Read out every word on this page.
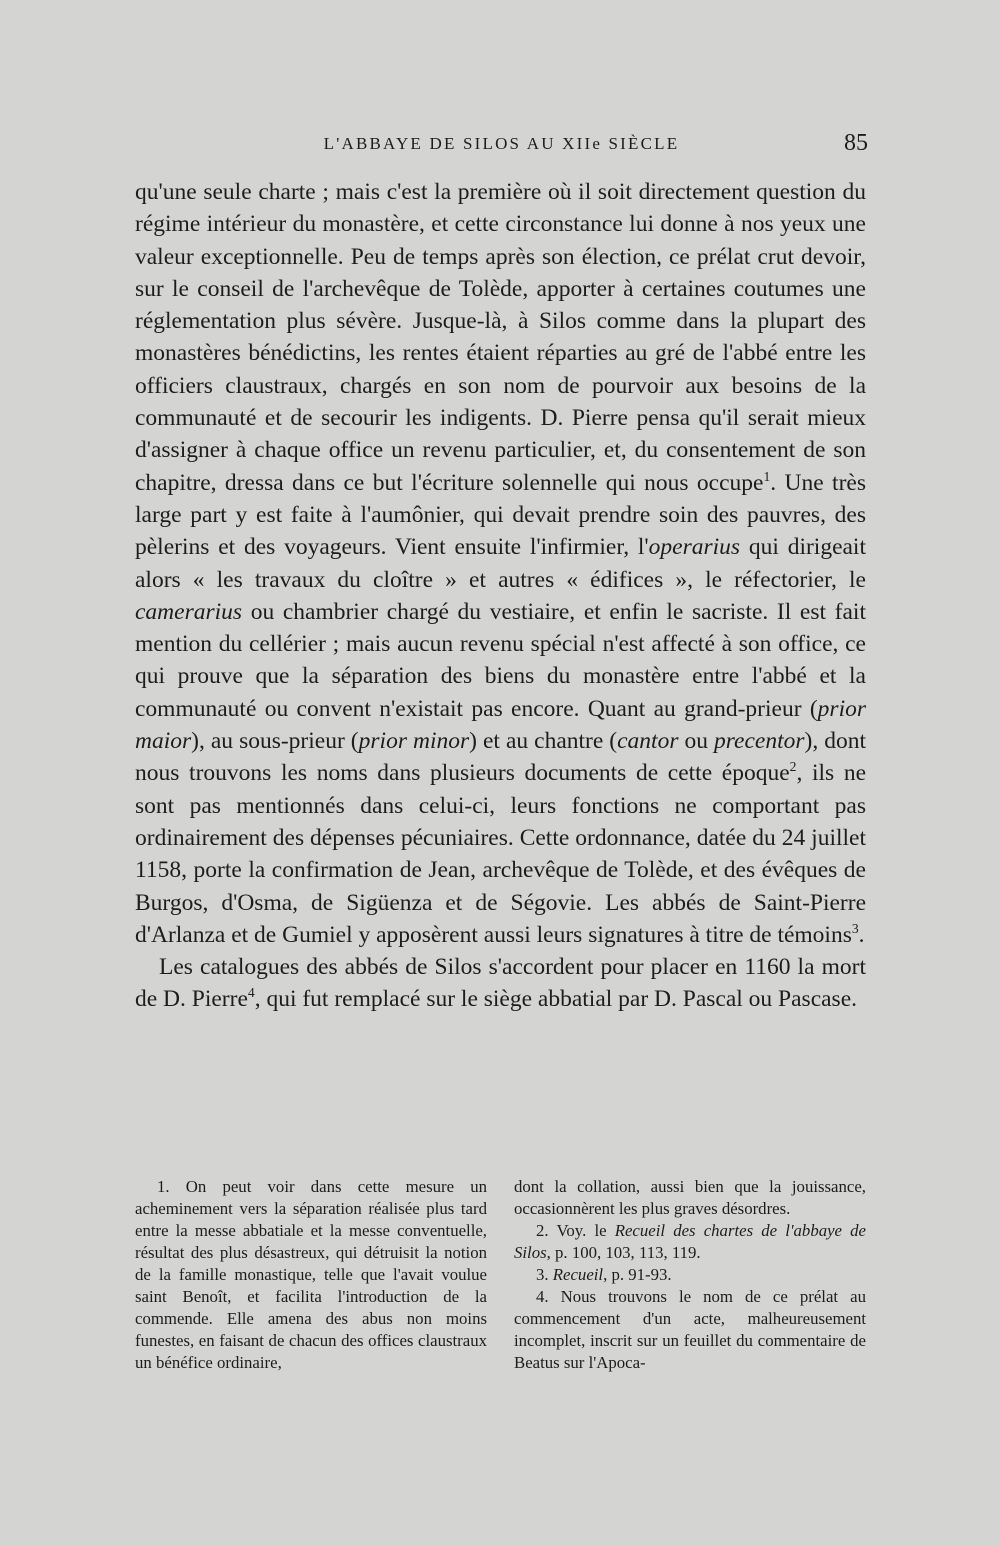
L'ABBAYE DE SILOS AU XIIe SIÈCLE	85

qu'une seule charte ; mais c'est la première où il soit directement question du régime intérieur du monastère, et cette circonstance lui donne à nos yeux une valeur exceptionnelle. Peu de temps après son élection, ce prélat crut devoir, sur le conseil de l'archevêque de Tolède, apporter à certaines coutumes une réglementation plus sévère. Jusque-là, à Silos comme dans la plupart des monastères bénédictins, les rentes étaient réparties au gré de l'abbé entre les officiers claustraux, chargés en son nom de pourvoir aux besoins de la communauté et de secourir les indigents. D. Pierre pensa qu'il serait mieux d'assigner à chaque office un revenu particulier, et, du consentement de son chapitre, dressa dans ce but l'écriture solennelle qui nous occupe$^1$. Une très large part y est faite à l'aumônier, qui devait prendre soin des pauvres, des pèlerins et des voyageurs. Vient ensuite l'infirmier, l'operarius qui dirigeait alors « les travaux du cloître » et autres « édifices », le réfectorier, le camerarius ou chambrier chargé du vestiaire, et enfin le sacriste. Il est fait mention du cellérier ; mais aucun revenu spécial n'est affecté à son office, ce qui prouve que la séparation des biens du monastère entre l'abbé et la communauté ou convent n'existait pas encore. Quant au grand-prieur (prior maior), au sous-prieur (prior minor) et au chantre (cantor ou precentor), dont nous trouvons les noms dans plusieurs documents de cette époque$^2$, ils ne sont pas mentionnés dans celui-ci, leurs fonctions ne comportant pas ordinairement des dépenses pécuniaires. Cette ordonnance, datée du 24 juillet 1158, porte la confirmation de Jean, archevêque de Tolède, et des évêques de Burgos, d'Osma, de Sigüenza et de Ségovie. Les abbés de Saint-Pierre d'Arlanza et de Gumiel y apposèrent aussi leurs signatures à titre de témoins$^3$.

Les catalogues des abbés de Silos s'accordent pour placer en 1160 la mort de D. Pierre$^4$, qui fut remplacé sur le siège abbatial par D. Pascal ou Pascase.

1. On peut voir dans cette mesure un acheminement vers la séparation réalisée plus tard entre la messe abbatiale et la messe conventuelle, résultat des plus désastreux, qui détruisit la notion de la famille monastique, telle que l'avait voulue saint Benoît, et facilita l'introduction de la commende. Elle amena des abus non moins funestes, en faisant de chacun des offices claustraux un bénéfice ordinaire,

dont la collation, aussi bien que la jouissance, occasionnèrent les plus graves désordres.

2. Voy. le Recueil des chartes de l'abbaye de Silos, p. 100, 103, 113, 119.

3. Recueil, p. 91-93.

4. Nous trouvons le nom de ce prélat au commencement d'un acte, malheureusement incomplet, inscrit sur un feuillet du commentaire de Beatus sur l'Apoca-
